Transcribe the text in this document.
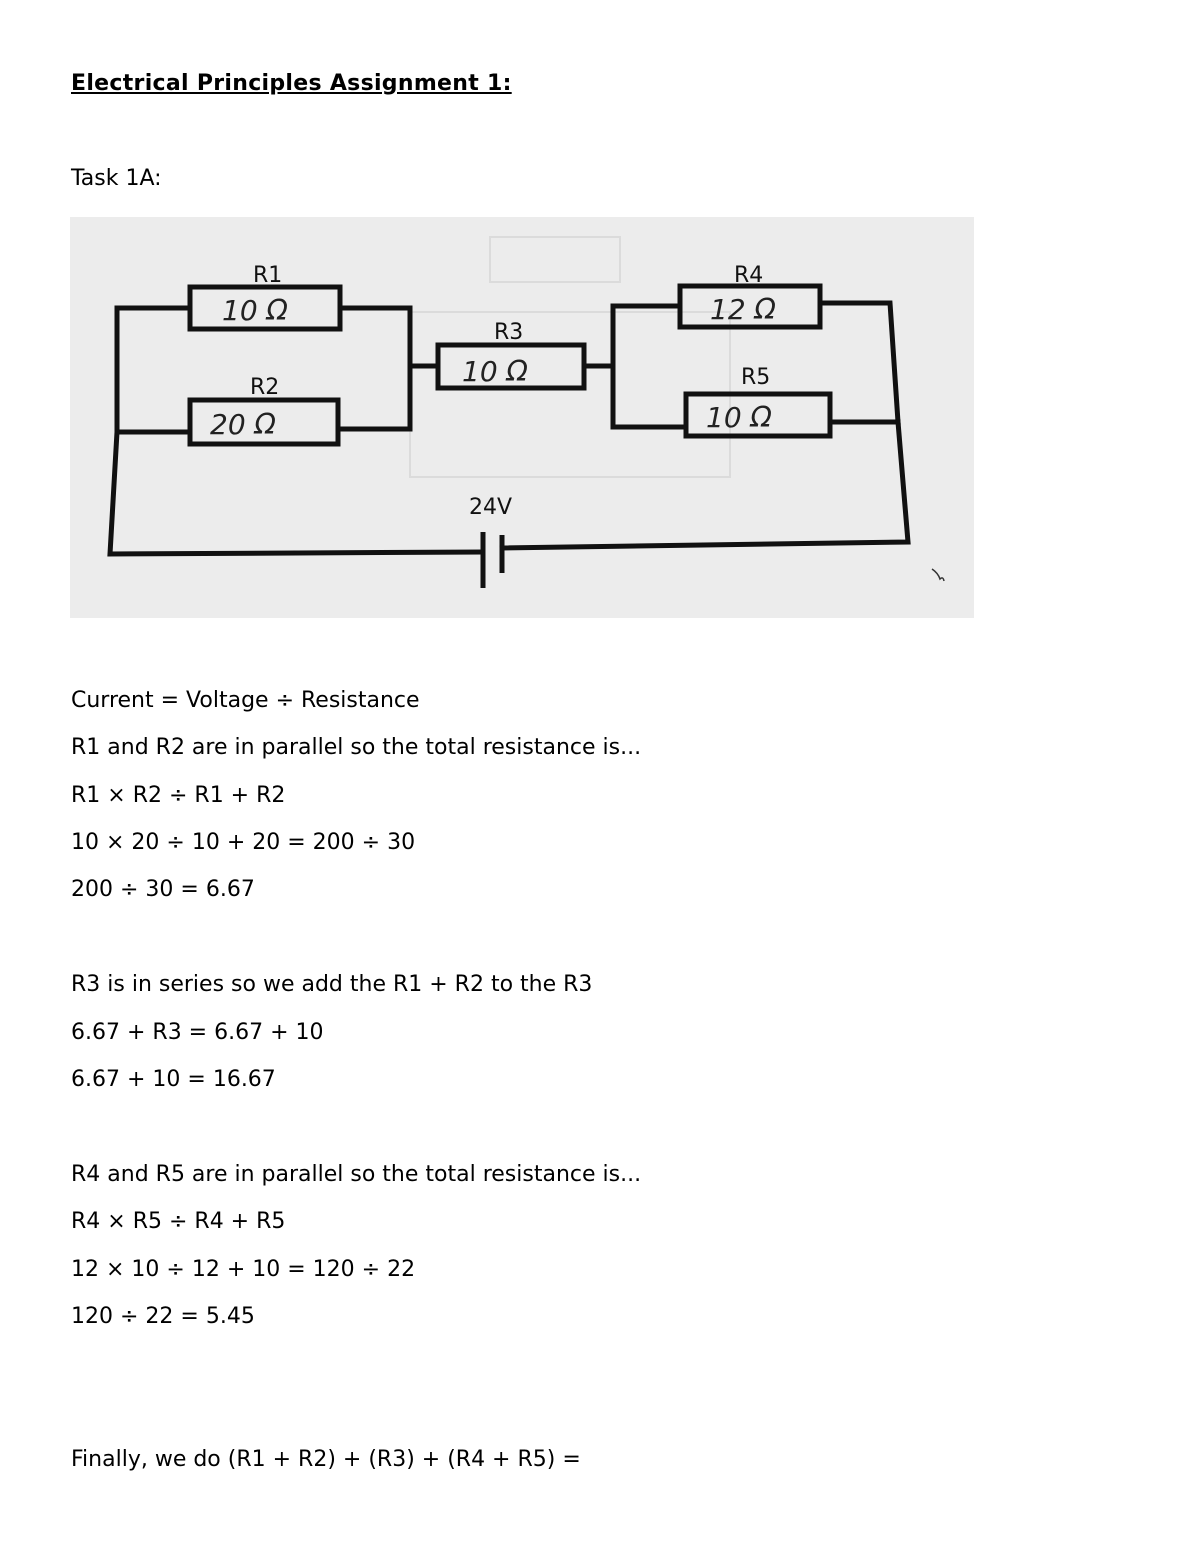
Electrical Principles Assignment 1:

Task 1A:

R1
R2
R3
R4
R5
24V
10 Ω
20 Ω
10 Ω
12 Ω
10 Ω

Current = Voltage ÷ Resistance

R1 and R2 are in parallel so the total resistance is...

R1 × R2 ÷ R1 + R2

10 × 20 ÷ 10 + 20 = 200 ÷ 30

200 ÷ 30 = 6.67

R3 is in series so we add the R1 + R2 to the R3

6.67 + R3 = 6.67 + 10

6.67 + 10 = 16.67

R4 and R5 are in parallel so the total resistance is...

R4 × R5 ÷ R4 + R5

12 × 10 ÷ 12 + 10 = 120 ÷ 22

120 ÷ 22 = 5.45

Finally, we do (R1 + R2) + (R3) + (R4 + R5) =
